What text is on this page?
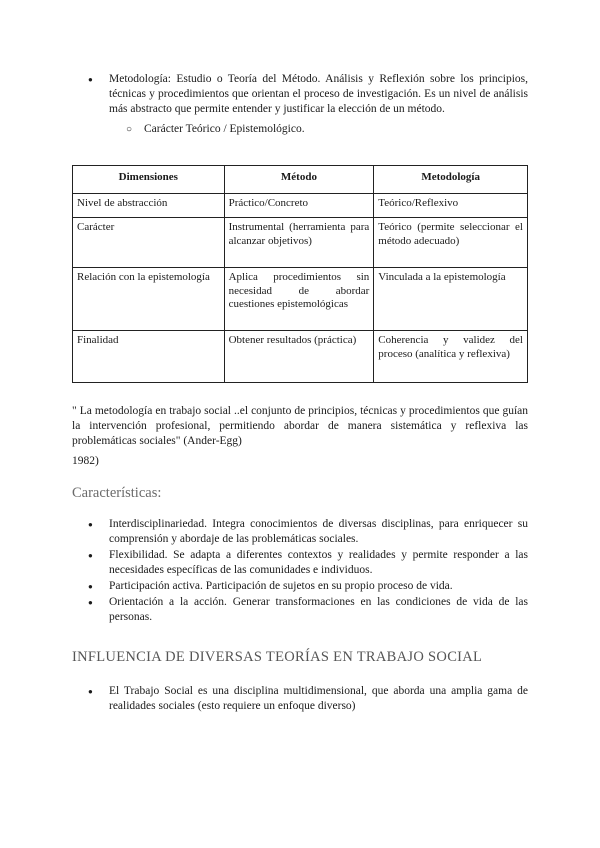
● Metodología: Estudio o Teoría del Método. Análisis y Reflexión sobre los principios, técnicas y procedimientos que orientan el proceso de investigación. Es un nivel de análisis más abstracto que permite entender y justificar la elección de un método.
○ Carácter Teórico / Epistemológico.
Dimensiones	Método	Metodología
Nivel de abstracción	Práctico/Concreto	Teórico/Reflexivo
Carácter	Instrumental (herramienta para alcanzar objetivos)	Teórico (permite seleccionar el método adecuado)
Relación con la epistemología	Aplica procedimientos sin necesidad de abordar cuestiones epistemológicas	Vinculada a la epistemología
Finalidad	Obtener resultados (práctica)	Coherencia y validez del proceso (analítica y reflexiva)
" La metodología en trabajo social ..el conjunto de principios, técnicas y procedimientos que guían la intervención profesional, permitiendo abordar de manera sistemática y reflexiva las problemáticas sociales" (Ander-Egg)
1982)
Características:
● Interdisciplinariedad. Integra conocimientos de diversas disciplinas, para enriquecer su comprensión y abordaje de las problemáticas sociales.
● Flexibilidad. Se adapta a diferentes contextos y realidades y permite responder a las necesidades específicas de las comunidades e individuos.
● Participación activa. Participación de sujetos en su propio proceso de vida.
● Orientación a la acción. Generar transformaciones en las condiciones de vida de las personas.
INFLUENCIA DE DIVERSAS TEORÍAS EN TRABAJO SOCIAL
● El Trabajo Social es una disciplina multidimensional, que aborda una amplia gama de realidades sociales (esto requiere un enfoque diverso)
